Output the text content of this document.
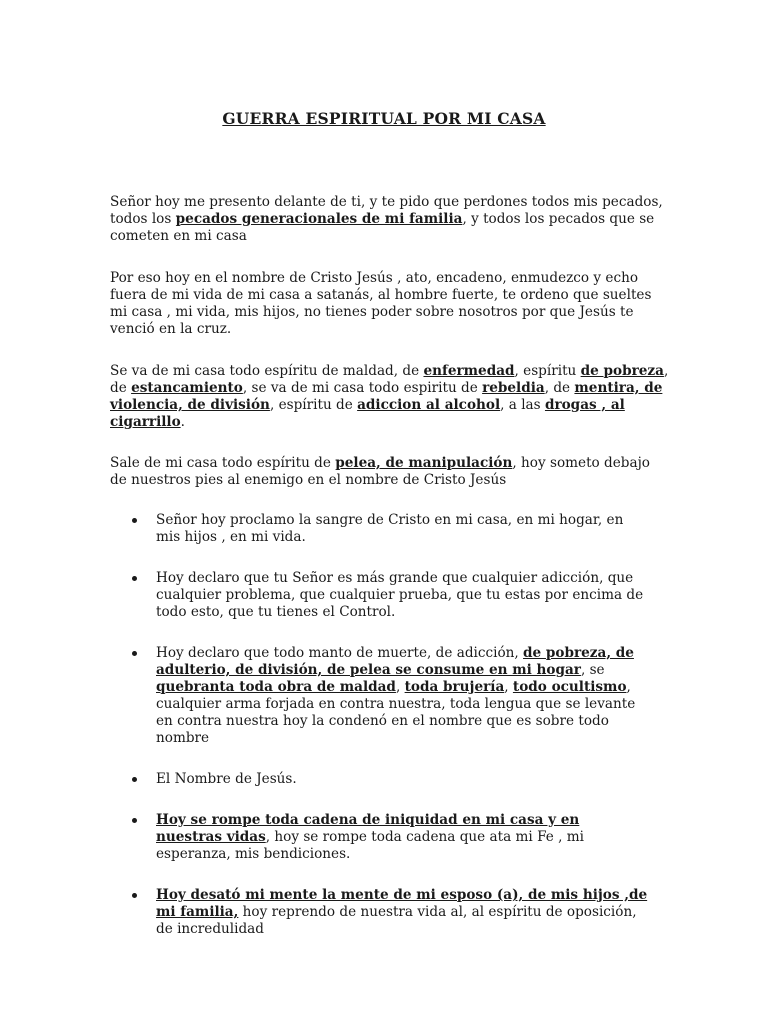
GUERRA ESPIRITUAL POR MI CASA

Señor hoy me presento delante de ti, y te pido que perdones todos mis pecados, todos los pecados generacionales de mi familia, y todos los pecados que se cometen en mi casa

Por eso hoy en el nombre de Cristo Jesús , ato, encadeno, enmudezco y echo fuera de mi vida de mi casa a satanás, al hombre fuerte, te ordeno que sueltes mi casa , mi vida, mis hijos, no tienes poder sobre nosotros por que Jesús te venció en la cruz.

Se va de mi casa todo espíritu de maldad, de enfermedad, espíritu de pobreza, de estancamiento, se va de mi casa todo espiritu de rebeldia, de mentira, de violencia, de división, espíritu de adiccion al alcohol, a las drogas , al cigarrillo.

Sale de mi casa todo espíritu de pelea, de manipulación, hoy someto debajo de nuestros pies al enemigo en el nombre de Cristo Jesús

Señor hoy proclamo la sangre de Cristo en mi casa, en mi hogar, en mis hijos , en mi vida.
Hoy declaro que tu Señor es más grande que cualquier adicción, que cualquier problema, que cualquier prueba, que tu estas por encima de todo esto, que tu tienes el Control.
Hoy declaro que todo manto de muerte, de adicción, de pobreza, de adulterio, de división, de pelea se consume en mi hogar, se quebranta toda obra de maldad, toda brujería, todo ocultismo, cualquier arma forjada en contra nuestra, toda lengua que se levante en contra nuestra hoy la condenó en el nombre que es sobre todo nombre
El Nombre de Jesús.
Hoy se rompe toda cadena de iniquidad en mi casa y en nuestras vidas, hoy se rompe toda cadena que ata mi Fe , mi esperanza, mis bendiciones.
Hoy desató mi mente la mente de mi esposo (a), de mis hijos ,de mi familia, hoy reprendo de nuestra vida al, al espíritu de oposición, de incredulidad
